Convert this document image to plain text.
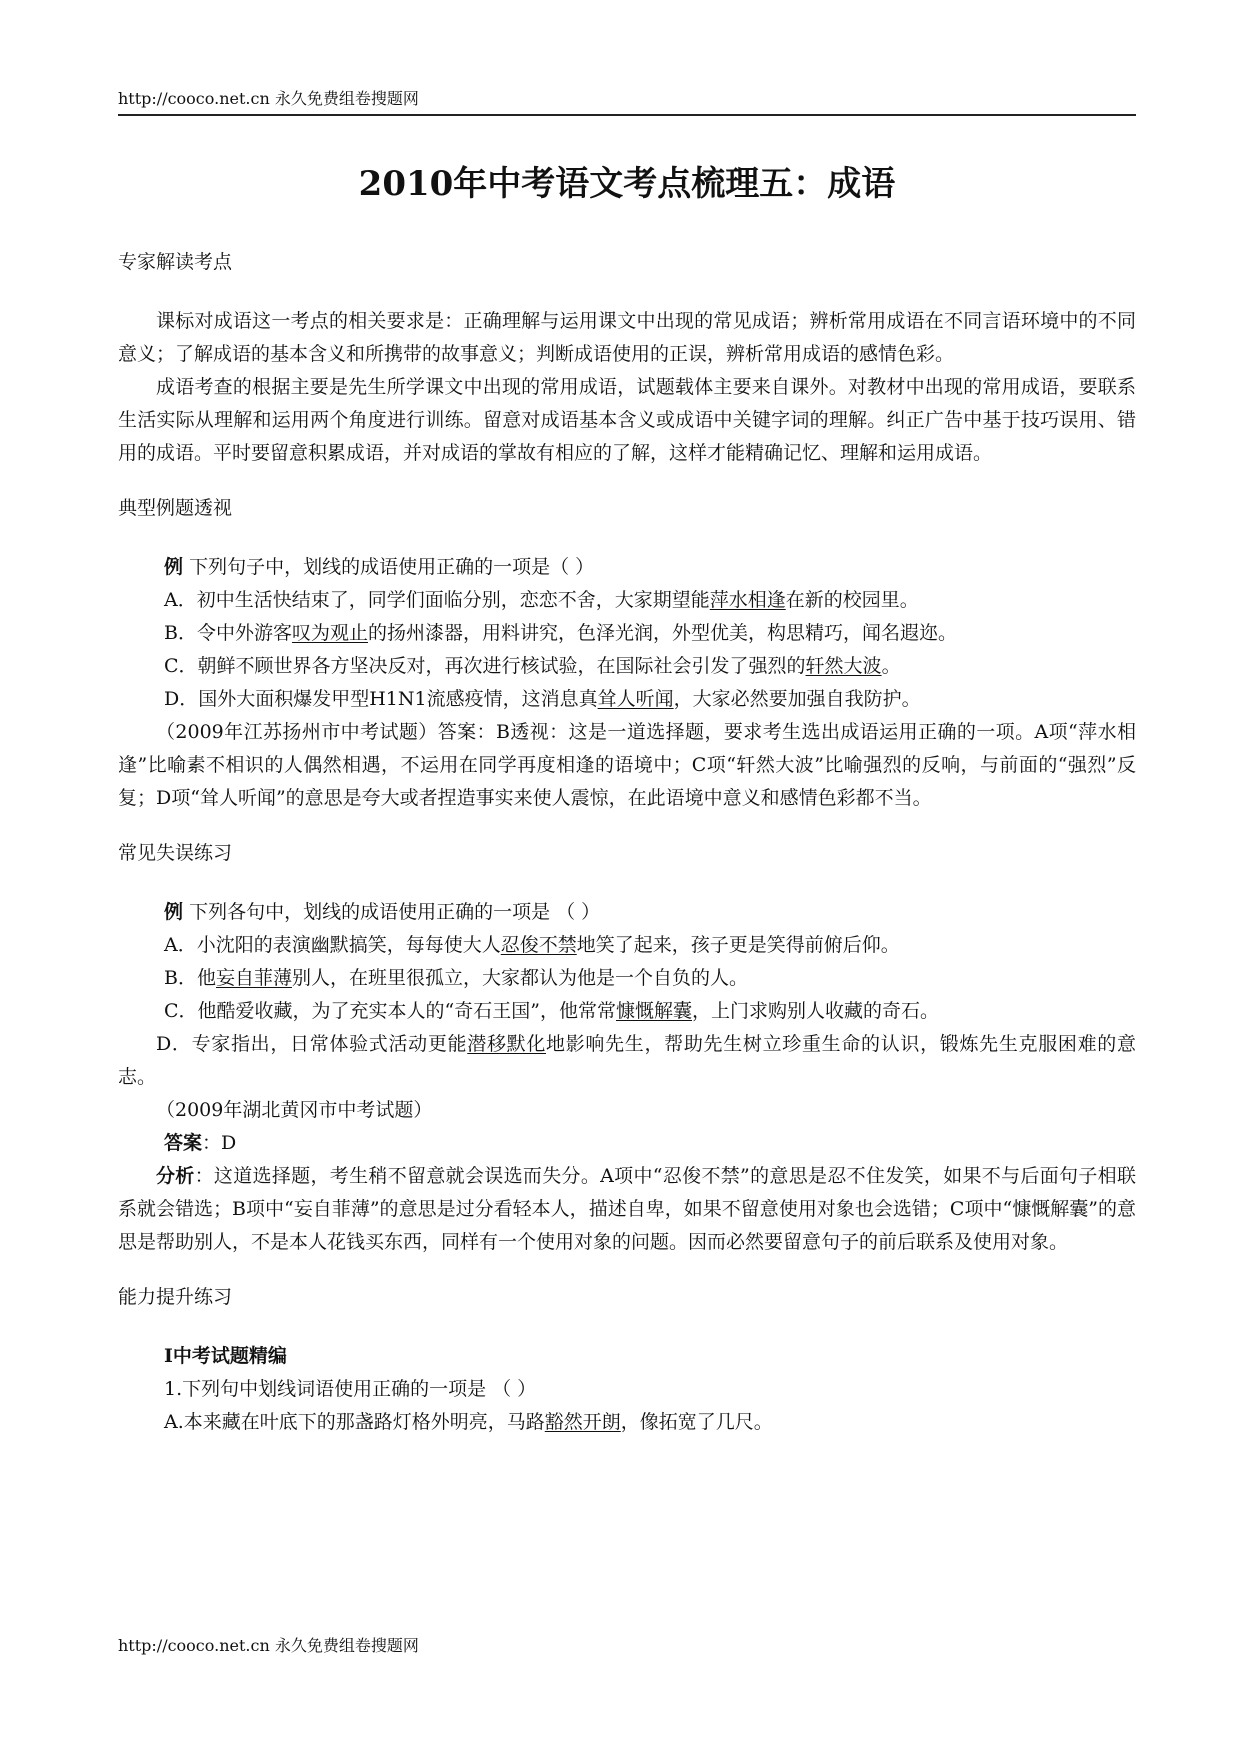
http://cooco.net.cn 永久免费组卷搜题网
2010年中考语文考点梳理五：成语
专家解读考点

课标对成语这一考点的相关要求是：正确理解与运用课文中出现的常见成语；辨析常用成语在不同言语环境中的不同意义；了解成语的基本含义和所携带的故事意义；判断成语使用的正误，辨析常用成语的感情色彩。

成语考查的根据主要是先生所学课文中出现的常用成语，试题载体主要来自课外。对教材中出现的常用成语，要联系生活实际从理解和运用两个角度进行训练。留意对成语基本含义或成语中关键字词的理解。纠正广告中基于技巧误用、错用的成语。平时要留意积累成语，并对成语的掌故有相应的了解，这样才能精确记忆、理解和运用成语。

典型例题透视

例 下列句子中，划线的成语使用正确的一项是（ ）

A．初中生活快结束了，同学们面临分别，恋恋不舍，大家期望能萍水相逢在新的校园里。

B．令中外游客叹为观止的扬州漆器，用料讲究，色泽光润，外型优美，构思精巧，闻名遐迩。

C．朝鲜不顾世界各方坚决反对，再次进行核试验，在国际社会引发了强烈的轩然大波。

D．国外大面积爆发甲型H1N1流感疫情，这消息真耸人听闻，大家必然要加强自我防护。

（2009年江苏扬州市中考试题）答案：B透视：这是一道选择题，要求考生选出成语运用正确的一项。A项“萍水相逢”比喻素不相识的人偶然相遇，不运用在同学再度相逢的语境中；C项“轩然大波”比喻强烈的反响，与前面的“强烈”反复；D项“耸人听闻”的意思是夸大或者捏造事实来使人震惊，在此语境中意义和感情色彩都不当。

常见失误练习

例 下列各句中，划线的成语使用正确的一项是 （ ）

A．小沈阳的表演幽默搞笑，每每使大人忍俊不禁地笑了起来，孩子更是笑得前俯后仰。

B．他妄自菲薄别人，在班里很孤立，大家都认为他是一个自负的人。

C．他酷爱收藏，为了充实本人的“奇石王国”，他常常慷慨解囊，上门求购别人收藏的奇石。

D．专家指出，日常体验式活动更能潜移默化地影响先生，帮助先生树立珍重生命的认识，锻炼先生克服困难的意志。

（2009年湖北黄冈市中考试题）

答案：D

分析：这道选择题，考生稍不留意就会误选而失分。A项中“忍俊不禁”的意思是忍不住发笑，如果不与后面句子相联系就会错选；B项中“妄自菲薄”的意思是过分看轻本人，描述自卑，如果不留意使用对象也会选错；C项中“慷慨解囊”的意思是帮助别人，不是本人花钱买东西，同样有一个使用对象的问题。因而必然要留意句子的前后联系及使用对象。

能力提升练习

Ⅰ中考试题精编

1.下列句中划线词语使用正确的一项是 （ ）

A.本来藏在叶底下的那盏路灯格外明亮，马路豁然开朗，像拓宽了几尺。

http://cooco.net.cn 永久免费组卷搜题网
